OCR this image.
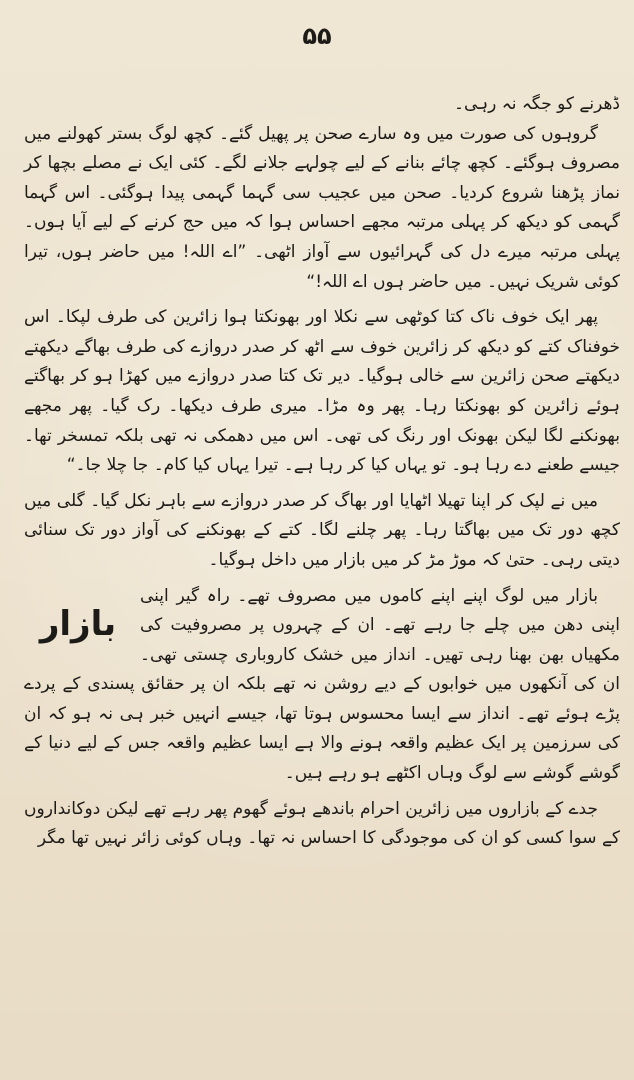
۵۵

ڈھرنے کو جگہ نہ رہی۔

گروہوں کی صورت میں وہ سارے صحن پر پھیل گئے۔ کچھ لوگ بستر کھولنے میں مصروف ہوگئے۔ کچھ چائے بنانے کے لیے چولہے جلانے لگے۔ کئی ایک نے مصلے بچھا کر نماز پڑھنا شروع کردیا۔ صحن میں عجیب سی گہما گہمی پیدا ہوگئی۔ اس گہما گہمی کو دیکھ کر پہلی مرتبہ مجھے احساس ہوا کہ میں حج کرنے کے لیے آیا ہوں۔ پہلی مرتبہ میرے دل کی گہرائیوں سے آواز اٹھی۔ ”اے اللہ! میں حاضر ہوں، تیرا کوئی شریک نہیں۔ میں حاضر ہوں اے اللہ!“

پھر ایک خوف ناک کتا کوٹھی سے نکلا اور بھونکتا ہوا زائرین کی طرف لپکا۔ اس خوفناک کتے کو دیکھ کر زائرین خوف سے اٹھ کر صدر دروازے کی طرف بھاگے دیکھتے دیکھتے صحن زائرین سے خالی ہوگیا۔ دیر تک کتا صدر دروازے میں کھڑا ہو کر بھاگتے ہوئے زائرین کو بھونکتا رہا۔ پھر وہ مڑا۔ میری طرف دیکھا۔ رک گیا۔ پھر مجھے بھونکنے لگا لیکن بھونک اور رنگ کی تھی۔ اس میں دھمکی نہ تھی بلکہ تمسخر تھا۔ جیسے طعنے دے رہا ہو۔ تو یہاں کیا کر رہا ہے۔ تیرا یہاں کیا کام۔ جا چلا جا۔“

میں نے لپک کر اپنا تھیلا اٹھایا اور بھاگ کر صدر دروازے سے باہر نکل گیا۔ گلی میں کچھ دور تک میں بھاگتا رہا۔ پھر چلنے لگا۔ کتے کے بھونکنے کی آواز دور تک سنائی دیتی رہی۔ حتیٰ کہ موڑ مڑ کر میں بازار میں داخل ہوگیا۔

بازار

بازار میں لوگ اپنے اپنے کاموں میں مصروف تھے۔ راہ گیر اپنی اپنی دھن میں چلے جا رہے تھے۔ ان کے چہروں پر مصروفیت کی مکھیاں بھن بھنا رہی تھیں۔ انداز میں خشک کاروباری چستی تھی۔ ان کی آنکھوں میں خوابوں کے دیے روشن نہ تھے بلکہ ان پر حقائق پسندی کے پردے پڑے ہوئے تھے۔ انداز سے ایسا محسوس ہوتا تھا، جیسے انہیں خبر ہی نہ ہو کہ ان کی سرزمین پر ایک عظیم واقعہ ہونے والا ہے ایسا عظیم واقعہ جس کے لیے دنیا کے گوشے گوشے سے لوگ وہاں اکٹھے ہو رہے ہیں۔

جدے کے بازاروں میں زائرین احرام باندھے ہوئے گھوم پھر رہے تھے لیکن دوکانداروں کے سوا کسی کو ان کی موجودگی کا احساس نہ تھا۔ وہاں کوئی زائر نہیں تھا مگر
